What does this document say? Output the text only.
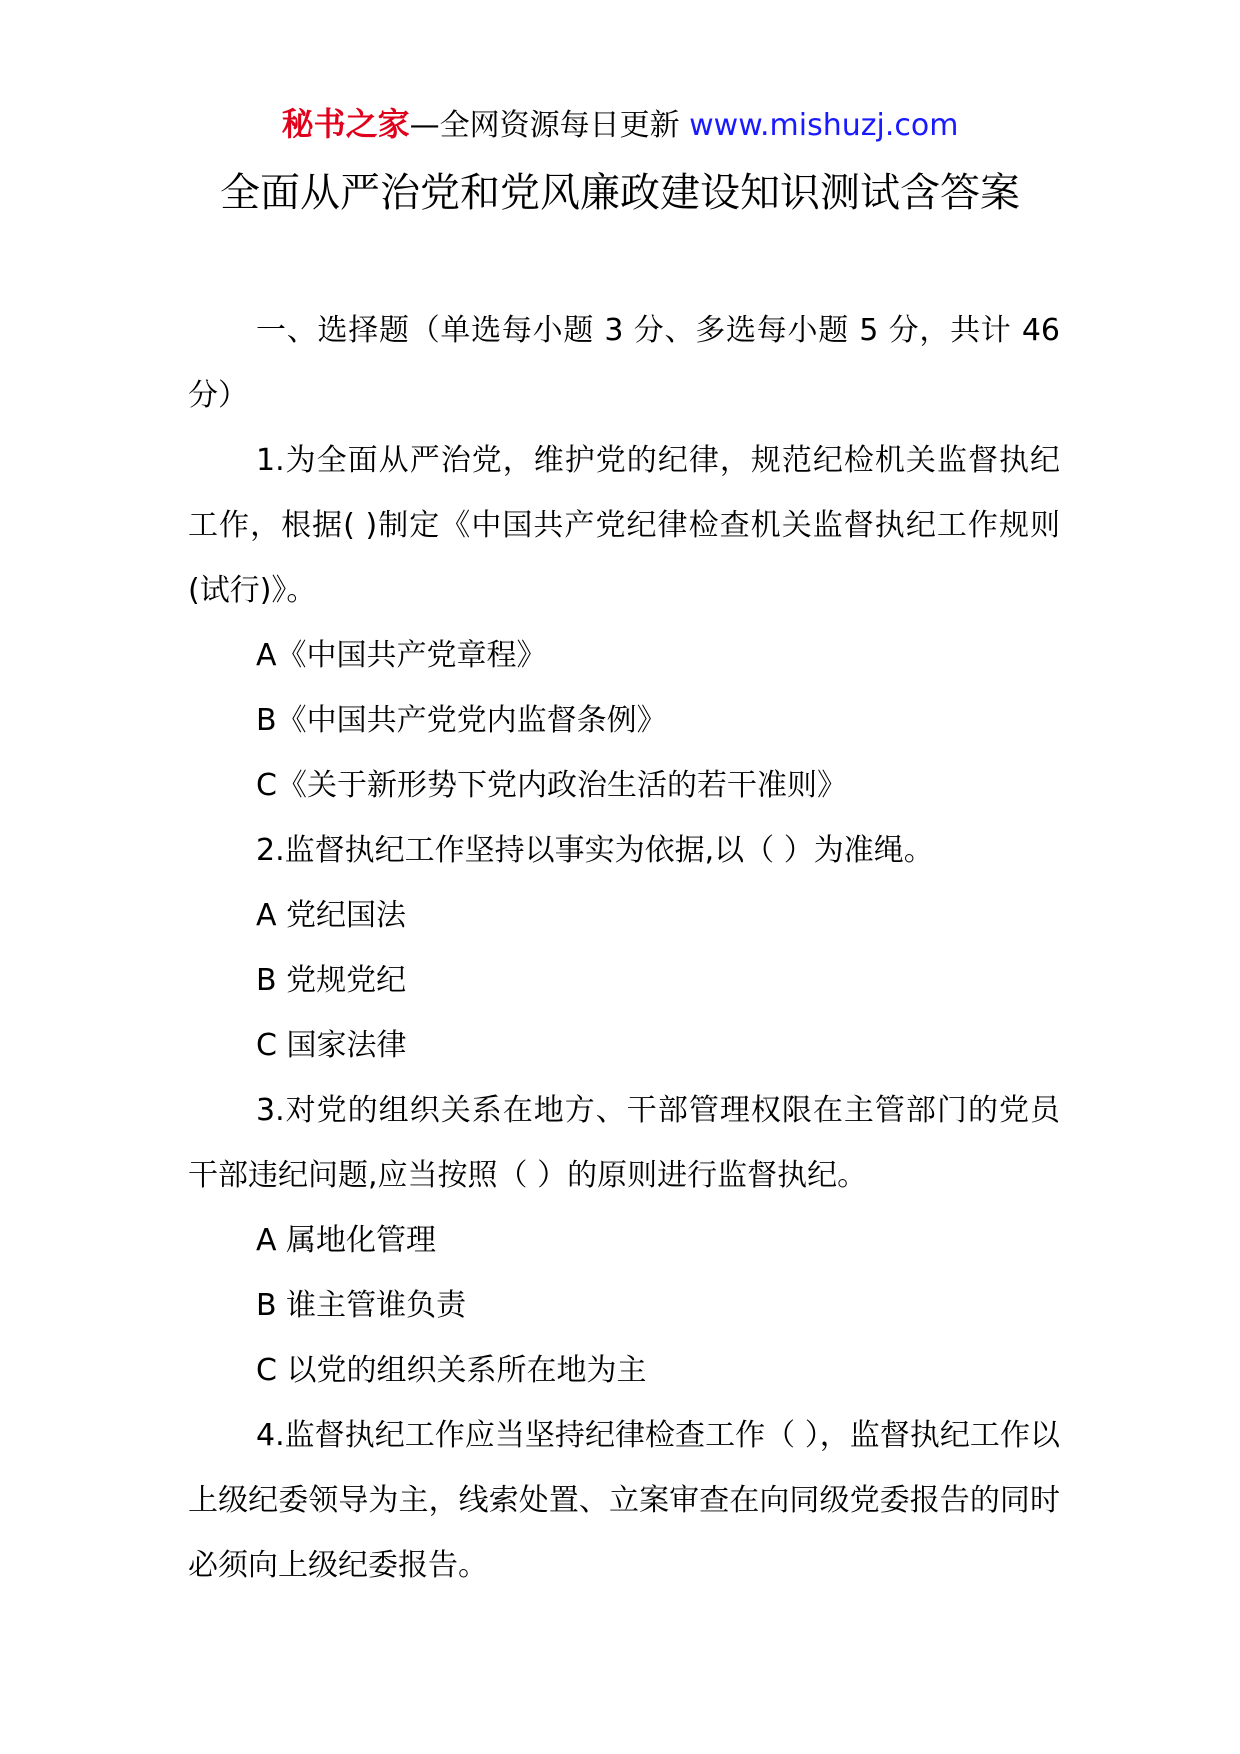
秘书之家—全网资源每日更新 www.mishuzj.com
全面从严治党和党风廉政建设知识测试含答案

一、选择题（单选每小题 3 分、多选每小题 5 分，共计 46 分）

1.为全面从严治党，维护党的纪律，规范纪检机关监督执纪工作，根据( )制定《中国共产党纪律检查机关监督执纪工作规则(试行)》。

A《中国共产党章程》

B《中国共产党党内监督条例》

C《关于新形势下党内政治生活的若干准则》

2.监督执纪工作坚持以事实为依据,以（ ）为准绳。

A 党纪国法

B 党规党纪

C 国家法律

3.对党的组织关系在地方、干部管理权限在主管部门的党员干部违纪问题,应当按照（ ）的原则进行监督执纪。

A 属地化管理

B 谁主管谁负责

C 以党的组织关系所在地为主

4.监督执纪工作应当坚持纪律检查工作（ ），监督执纪工作以上级纪委领导为主，线索处置、立案审查在向同级党委报告的同时必须向上级纪委报告。
